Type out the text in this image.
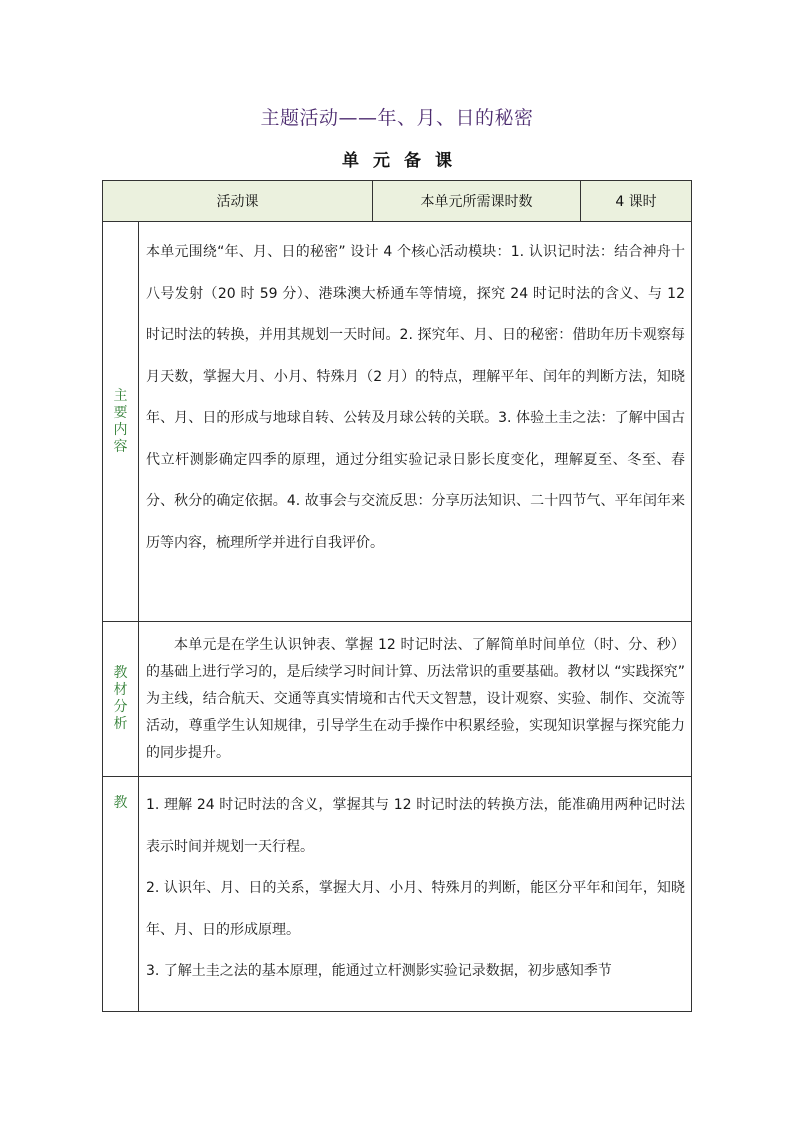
主题活动——年、月、日的秘密
单元备课
活动课		本单元所需课时数	4 课时
主要内容	本单元围绕“年、月、日的秘密” 设计 4 个核心活动模块：1. 认识记时法：结合神舟十八号发射（20 时 59 分）、港珠澳大桥通车等情境，探究 24 时记时法的含义、与 12 时记时法的转换，并用其规划一天时间。2. 探究年、月、日的秘密：借助年历卡观察每月天数，掌握大月、小月、特殊月（2 月）的特点，理解平年、闰年的判断方法，知晓年、月、日的形成与地球自转、公转及月球公转的关联。3. 体验土圭之法：了解中国古代立杆测影确定四季的原理，通过分组实验记录日影长度变化，理解夏至、冬至、春分、秋分的确定依据。4. 故事会与交流反思：分享历法知识、二十四节气、平年闰年来历等内容，梳理所学并进行自我评价。		
教材分析	本单元是在学生认识钟表、掌握 12 时记时法、了解简单时间单位（时、分、秒）的基础上进行学习的，是后续学习时间计算、历法常识的重要基础。教材以 “实践探究” 为主线，结合航天、交通等真实情境和古代天文智慧，设计观察、实验、制作、交流等活动，尊重学生认知规律，引导学生在动手操作中积累经验，实现知识掌握与探究能力的同步提升。		
教	1. 理解 24 时记时法的含义，掌握其与 12 时记时法的转换方法，能准确用两种记时法表示时间并规划一天行程。

2. 认识年、月、日的关系，掌握大月、小月、特殊月的判断，能区分平年和闰年，知晓年、月、日的形成原理。

3. 了解土圭之法的基本原理，能通过立杆测影实验记录数据，初步感知季节		
